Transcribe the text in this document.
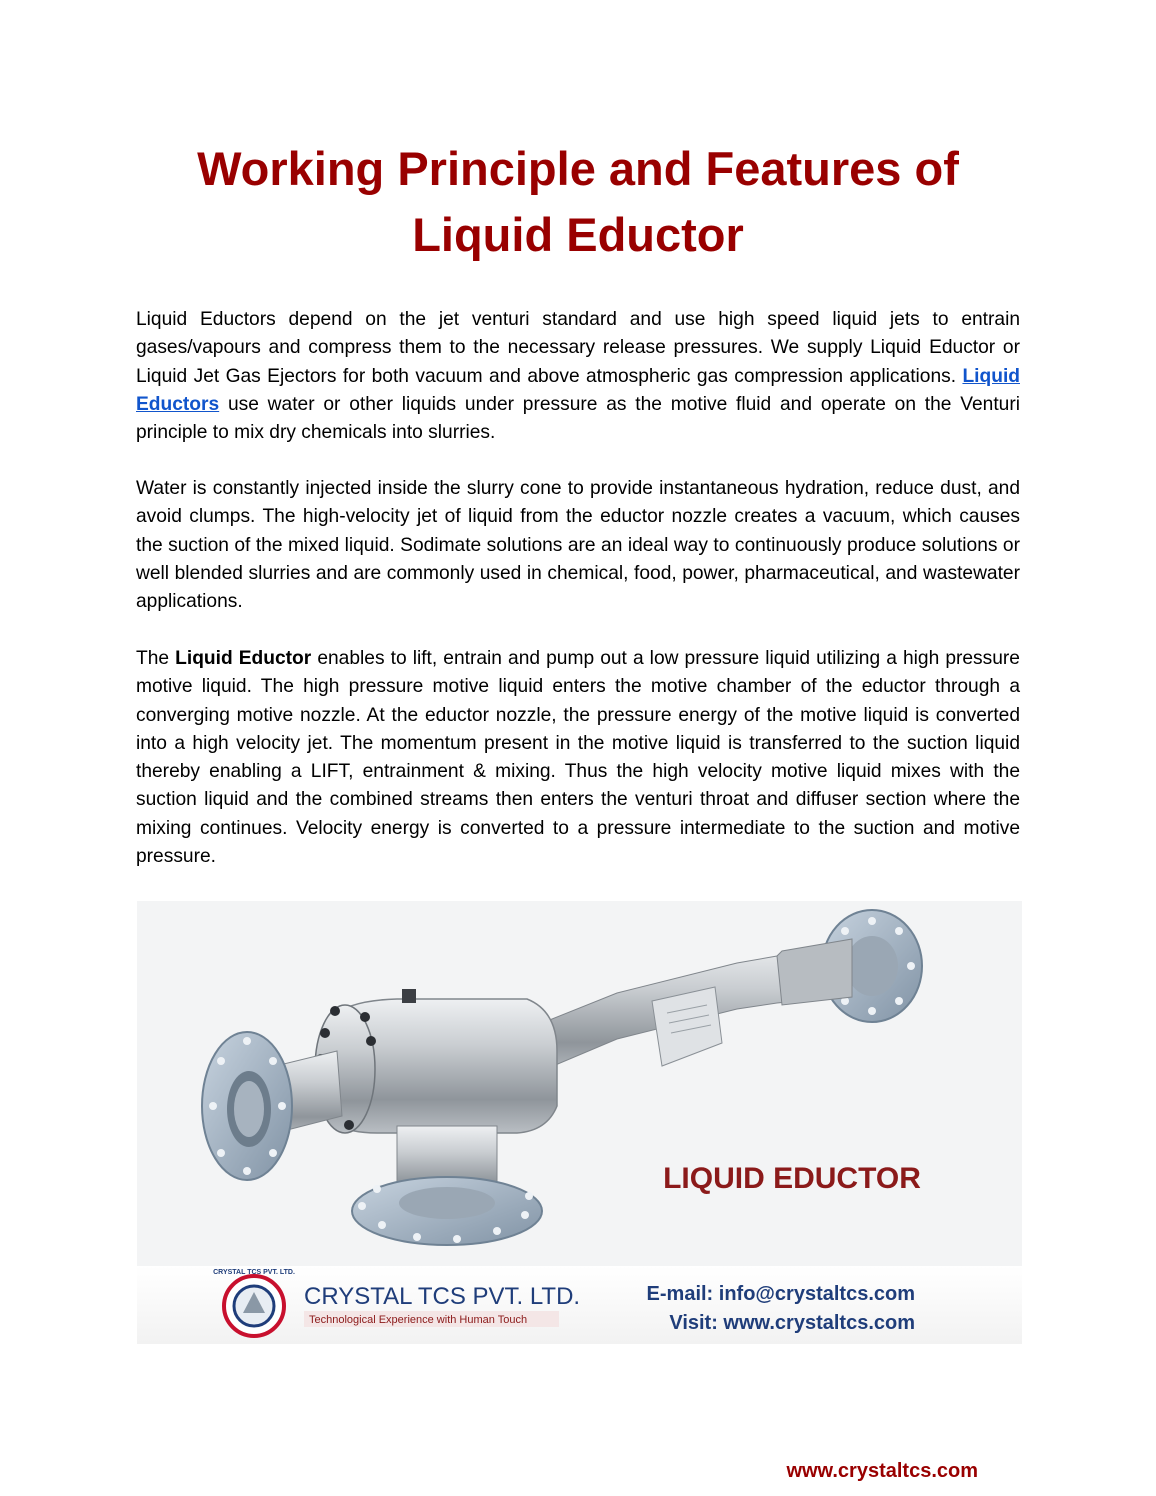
Working Principle and Features of
Liquid Eductor

Liquid Eductors depend on the jet venturi standard and use high speed liquid jets to entrain gases/vapours and compress them to the necessary release pressures. We supply Liquid Eductor or Liquid Jet Gas Ejectors for both vacuum and above atmospheric gas compression applications. Liquid Eductors use water or other liquids under pressure as the motive fluid and operate on the Venturi principle to mix dry chemicals into slurries.

Water is constantly injected inside the slurry cone to provide instantaneous hydration, reduce dust, and avoid clumps. The high-velocity jet of liquid from the eductor nozzle creates a vacuum, which causes the suction of the mixed liquid. Sodimate solutions are an ideal way to continuously produce solutions or well blended slurries and are commonly used in chemical, food, power, pharmaceutical, and wastewater applications.

The Liquid Eductor enables to lift, entrain and pump out a low pressure liquid utilizing a high pressure motive liquid. The high pressure motive liquid enters the motive chamber of the eductor through a converging motive nozzle. At the eductor nozzle, the pressure energy of the motive liquid is converted into a high velocity jet. The momentum present in the motive liquid is transferred to the suction liquid thereby enabling a LIFT, entrainment & mixing. Thus the high velocity motive liquid mixes with the suction liquid and the combined streams then enters the venturi throat and diffuser section where the mixing continues. Velocity energy is converted to a pressure intermediate to the suction and motive pressure.

LIQUID EDUCTOR
CRYSTAL TCS PVT. LTD.
CRYSTAL TCS PVT. LTD.
Technological Experience with Human Touch
E-mail: info@crystaltcs.com
Visit: www.crystaltcs.com
www.crystaltcs.com
